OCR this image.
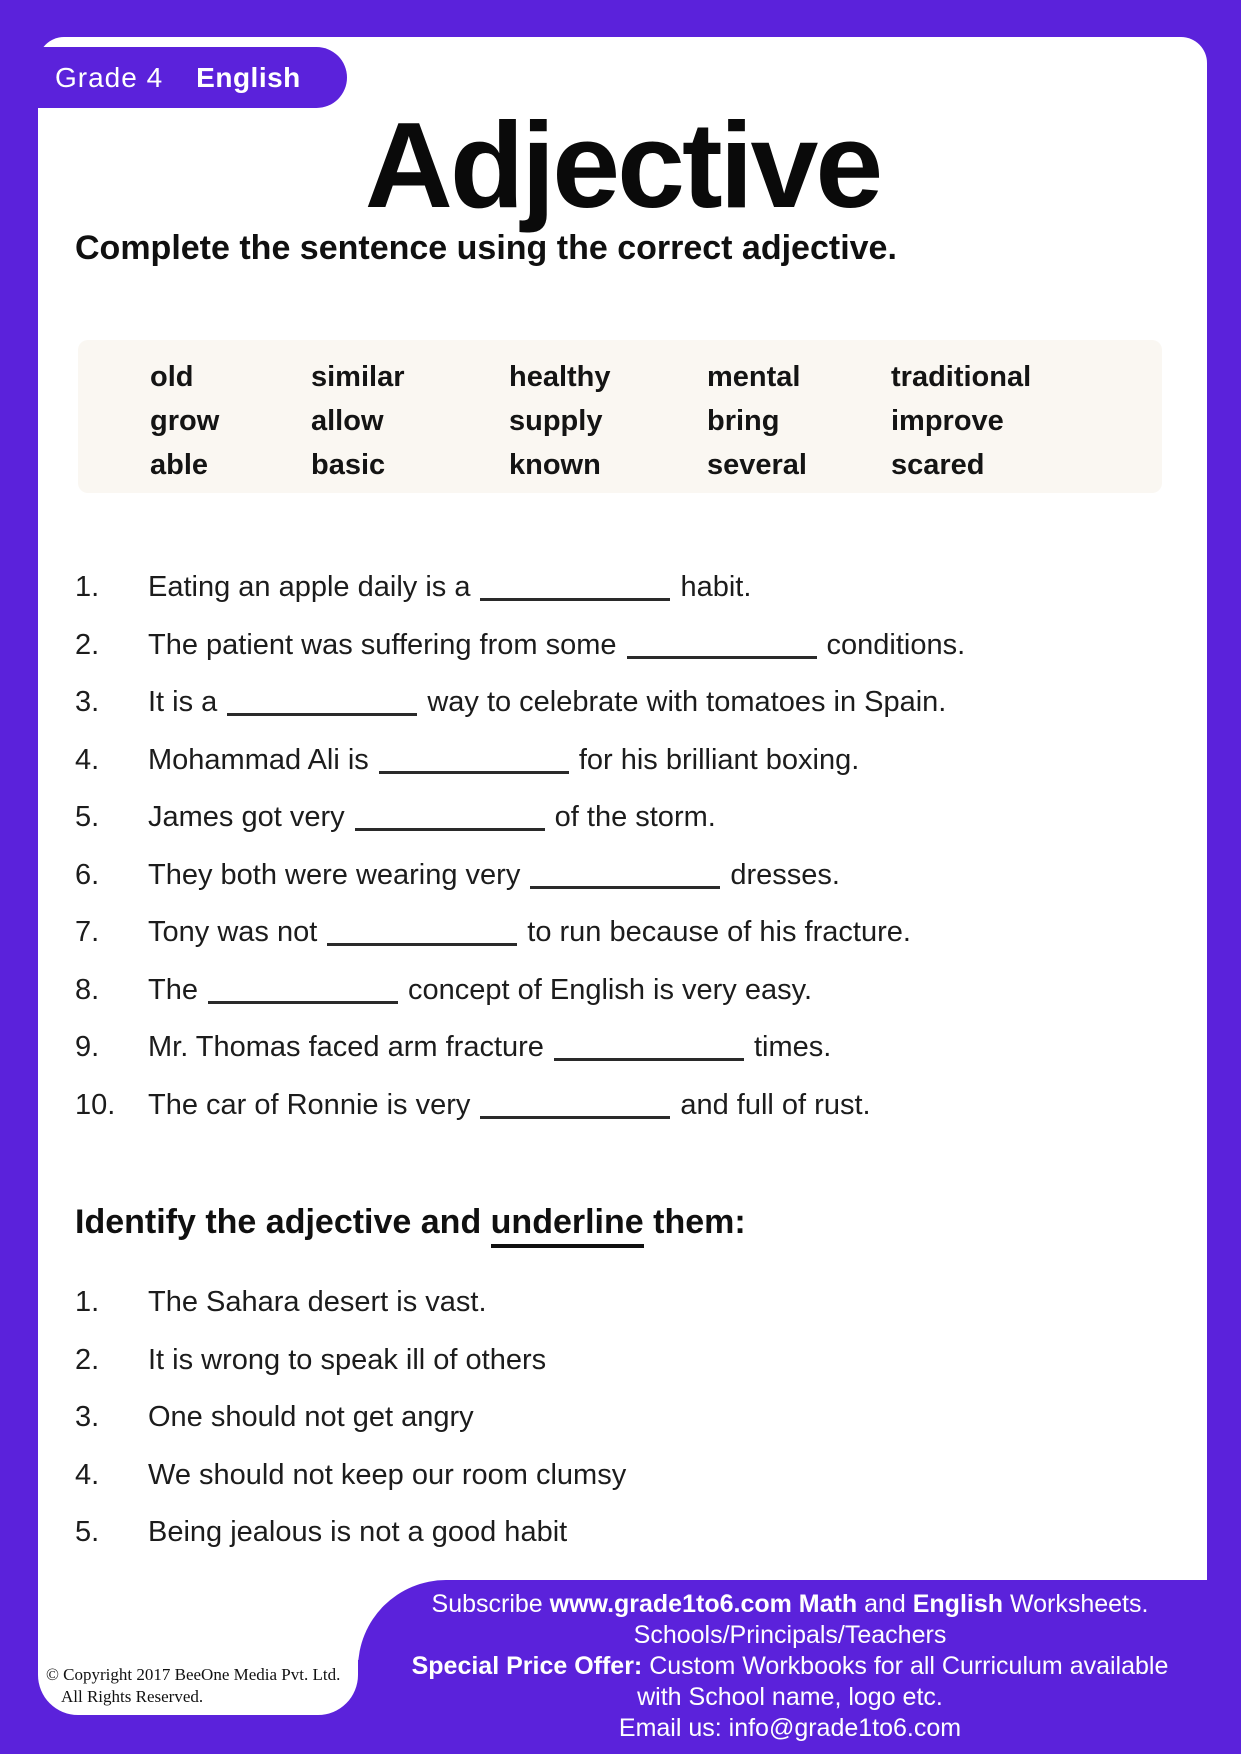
Grade 4 English
Adjective
Complete the sentence using the correct adjective.
old	similar	healthy	mental	traditional
grow	allow	supply	bring	improve
able	basic	known	several	scared
1.	Eating an apple daily is a	habit.
2.	The patient was suffering from some	conditions.
3.	It is a	way to celebrate with tomatoes in Spain.
4.	Mohammad Ali is	for his brilliant boxing.
5.	James got very	of the storm.
6.	They both were wearing very	dresses.
7.	Tony was not	to run because of his fracture.
8.	The	concept of English is very easy.
9.	Mr. Thomas faced arm fracture	times.
10.	The car of Ronnie is very	and full of rust.
Identify the adjective and underline them:
1.	The Sahara desert is vast.
2.	It is wrong to speak ill of others
3.	One should not get angry
4.	We should not keep our room clumsy
5.	Being jealous is not a good habit
© Copyright 2017 BeeOne Media Pvt. Ltd.
All Rights Reserved.
Subscribe www.grade1to6.com Math and English Worksheets.
Schools/Principals/Teachers
Special Price Offer: Custom Workbooks for all Curriculum available
with School name, logo etc.
Email us: info@grade1to6.com
